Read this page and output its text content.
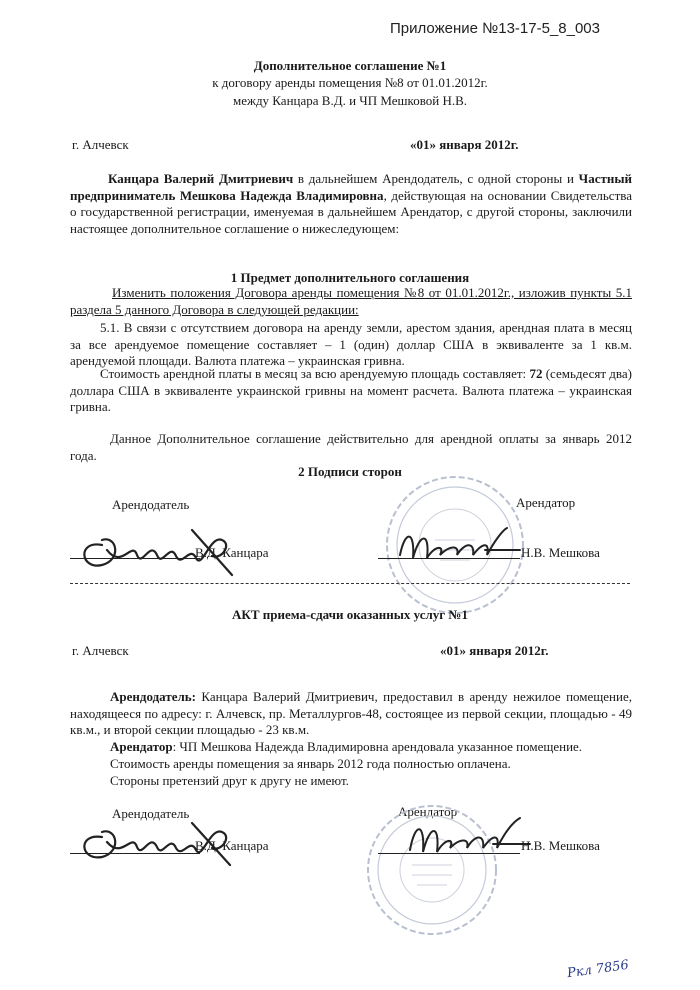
Приложение №13-17-5_8_003
Дополнительное соглашение №1
к договору аренды помещения №8 от 01.01.2012г.
между Канцара В.Д. и ЧП Мешковой Н.В.
г. Алчевск	«01» января 2012г.
Канцара Валерий Дмитриевич в дальнейшем Арендодатель, с одной стороны и Частный предприниматель Мешкова Надежда Владимировна, действующая на основании Свидетельства о государственной регистрации, именуемая в дальнейшем Арендатор, с другой стороны, заключили настоящее дополнительное соглашение о нижеследующем:
1 Предмет дополнительного соглашения
Изменить положения Договора аренды помещения №8 от 01.01.2012г., изложив пункты 5.1 раздела 5 данного Договора в следующей редакции:
5.1. В связи с отсутствием договора на аренду земли, арестом здания, арендная плата в месяц за все арендуемое помещение составляет – 1 (один) доллар США в эквиваленте за 1 кв.м. арендуемой площади. Валюта платежа – украинская гривна.
Стоимость арендной платы в месяц за всю арендуемую площадь составляет: 72 (семьдесят два) доллара США в эквиваленте украинской гривны на момент расчета. Валюта платежа – украинская гривна.
Данное Дополнительное соглашение действительно для арендной оплаты за январь 2012 года.
2 Подписи сторон
Арендодатель	Арендатор
В.Д. Канцара	Н.В. Мешкова
АКТ приема-сдачи оказанных услуг №1
г. Алчевск	«01» января 2012г.
Арендодатель: Канцара Валерий Дмитриевич, предоставил в аренду нежилое помещение, находящееся по адресу: г. Алчевск, пр. Металлургов-48, состоящее из первой секции, площадью - 49 кв.м., и второй секции площадью - 23 кв.м.
Арендатор: ЧП Мешкова Надежда Владимировна арендовала указанное помещение.
Стоимость аренды помещения за январь 2012 года полностью оплачена.
Стороны претензий друг к другу не имеют.
Арендодатель	Арендатор
В.Д. Канцара	Н.В. Мешкова
Ркл 7856
